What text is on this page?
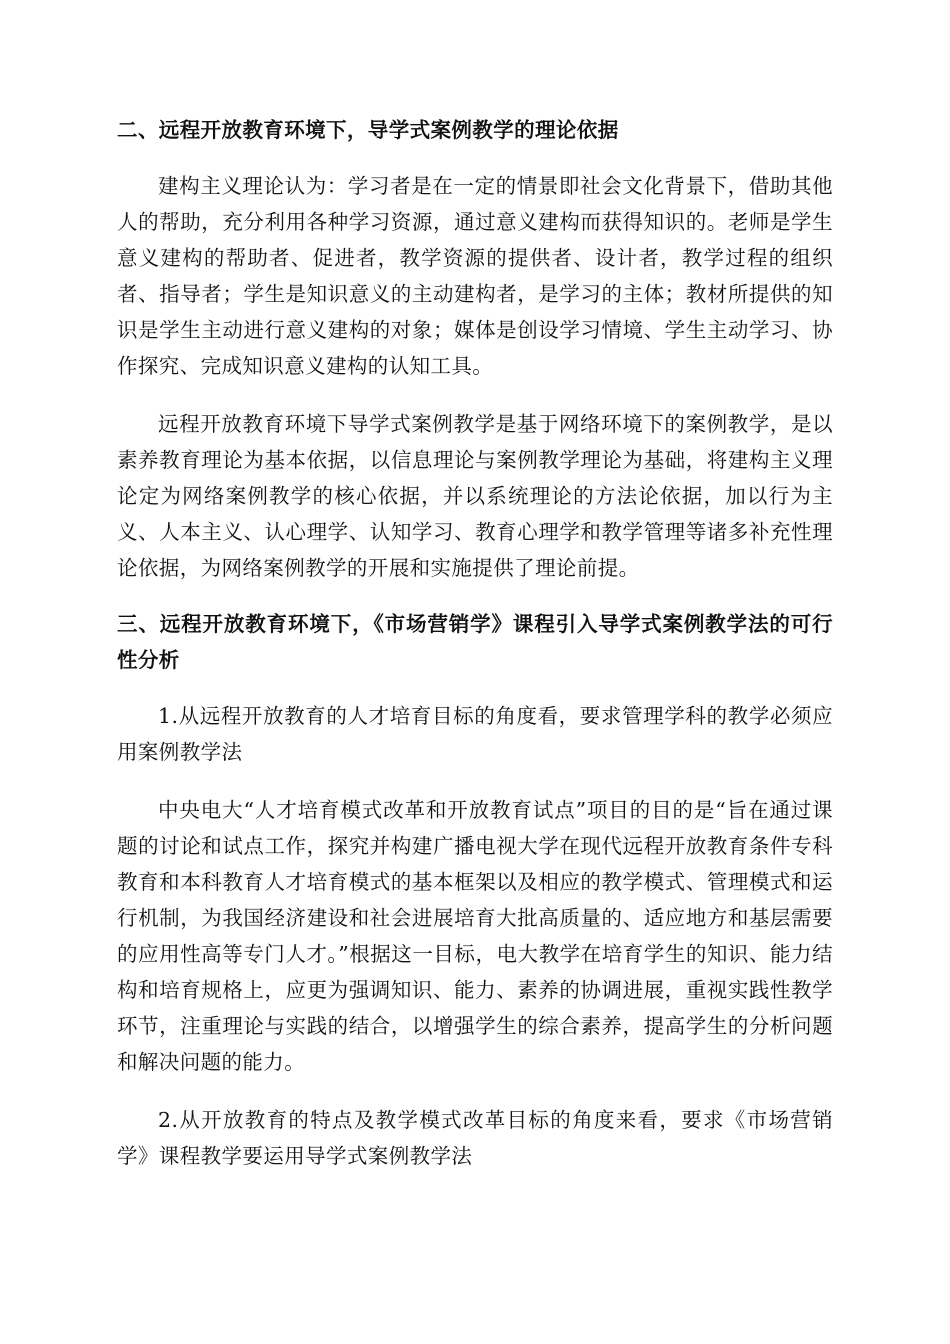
二、远程开放教育环境下，导学式案例教学的理论依据

建构主义理论认为：学习者是在一定的情景即社会文化背景下，借助其他人的帮助，充分利用各种学习资源，通过意义建构而获得知识的。老师是学生意义建构的帮助者、促进者，教学资源的提供者、设计者，教学过程的组织者、指导者；学生是知识意义的主动建构者，是学习的主体；教材所提供的知识是学生主动进行意义建构的对象；媒体是创设学习情境、学生主动学习、协作探究、完成知识意义建构的认知工具。

远程开放教育环境下导学式案例教学是基于网络环境下的案例教学，是以素养教育理论为基本依据，以信息理论与案例教学理论为基础，将建构主义理论定为网络案例教学的核心依据，并以系统理论的方法论依据，加以行为主义、人本主义、认心理学、认知学习、教育心理学和教学管理等诸多补充性理论依据，为网络案例教学的开展和实施提供了理论前提。

三、远程开放教育环境下，《市场营销学》课程引入导学式案例教学法的可行性分析

1.从远程开放教育的人才培育目标的角度看，要求管理学科的教学必须应用案例教学法

中央电大“人才培育模式改革和开放教育试点”项目的目的是“旨在通过课题的讨论和试点工作，探究并构建广播电视大学在现代远程开放教育条件专科教育和本科教育人才培育模式的基本框架以及相应的教学模式、管理模式和运行机制，为我国经济建设和社会进展培育大批高质量的、适应地方和基层需要的应用性高等专门人才。”根据这一目标，电大教学在培育学生的知识、能力结构和培育规格上，应更为强调知识、能力、素养的协调进展，重视实践性教学环节，注重理论与实践的结合，以增强学生的综合素养，提高学生的分析问题和解决问题的能力。

2.从开放教育的特点及教学模式改革目标的角度来看，要求《市场营销学》课程教学要运用导学式案例教学法
